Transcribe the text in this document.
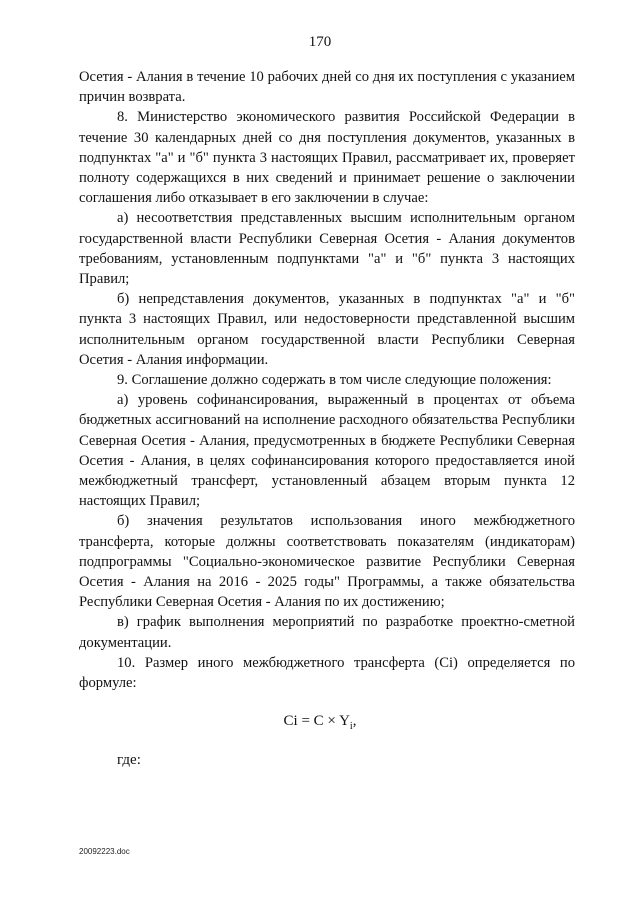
170

Осетия - Алания в течение 10 рабочих дней со дня их поступления с указанием причин возврата.

8. Министерство экономического развития Российской Федерации в течение 30 календарных дней со дня поступления документов, указанных в подпунктах "а" и "б" пункта 3 настоящих Правил, рассматривает их, проверяет полноту содержащихся в них сведений и принимает решение о заключении соглашения либо отказывает в его заключении в случае:

а) несоответствия представленных высшим исполнительным органом государственной власти Республики Северная Осетия - Алания документов требованиям, установленным подпунктами "а" и "б" пункта 3 настоящих Правил;

б) непредставления документов, указанных в подпунктах "а" и "б" пункта 3 настоящих Правил, или недостоверности представленной высшим исполнительным органом государственной власти Республики Северная Осетия - Алания информации.

9. Соглашение должно содержать в том числе следующие положения:

а) уровень софинансирования, выраженный в процентах от объема бюджетных ассигнований на исполнение расходного обязательства Республики Северная Осетия - Алания, предусмотренных в бюджете Республики Северная Осетия - Алания, в целях софинансирования которого предоставляется иной межбюджетный трансферт, установленный абзацем вторым пункта 12 настоящих Правил;

б) значения результатов использования иного межбюджетного трансферта, которые должны соответствовать показателям (индикаторам) подпрограммы "Социально-экономическое развитие Республики Северная Осетия - Алания на 2016 - 2025 годы" Программы, а также обязательства Республики Северная Осетия - Алания по их достижению;

в) график выполнения мероприятий по разработке проектно-сметной документации.

10. Размер иного межбюджетного трансферта (Ci) определяется по формуле:

$Ci = C \times Y_i$,
где:
20092223.doc
